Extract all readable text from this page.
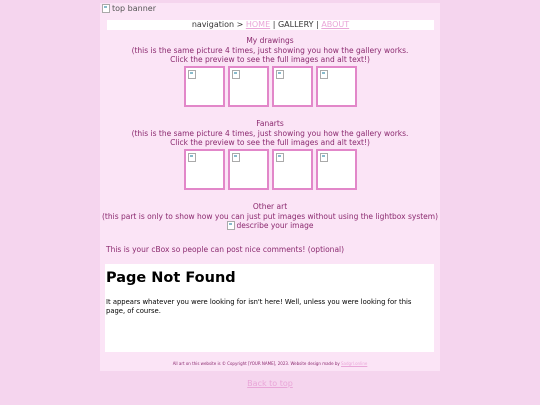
top banner
navigation > HOME | GALLERY | ABOUT
My drawings
(this is the same picture 4 times, just showing you how the gallery works.
Click the preview to see the full images and alt text!)
Fanarts
(this is the same picture 4 times, just showing you how the gallery works.
Click the preview to see the full images and alt text!)
Other art
(this part is only to show how you can just put images without using the lightbox system)
describe your image
This is your cBox so people can post nice comments! (optional)
Page Not Found

It appears whatever you were looking for isn't here! Well, unless you were looking for this page, of course.

All art on this website is © Copyright [YOUR NAME], 2023. Website design made by Sadgrl.online
Back to top
